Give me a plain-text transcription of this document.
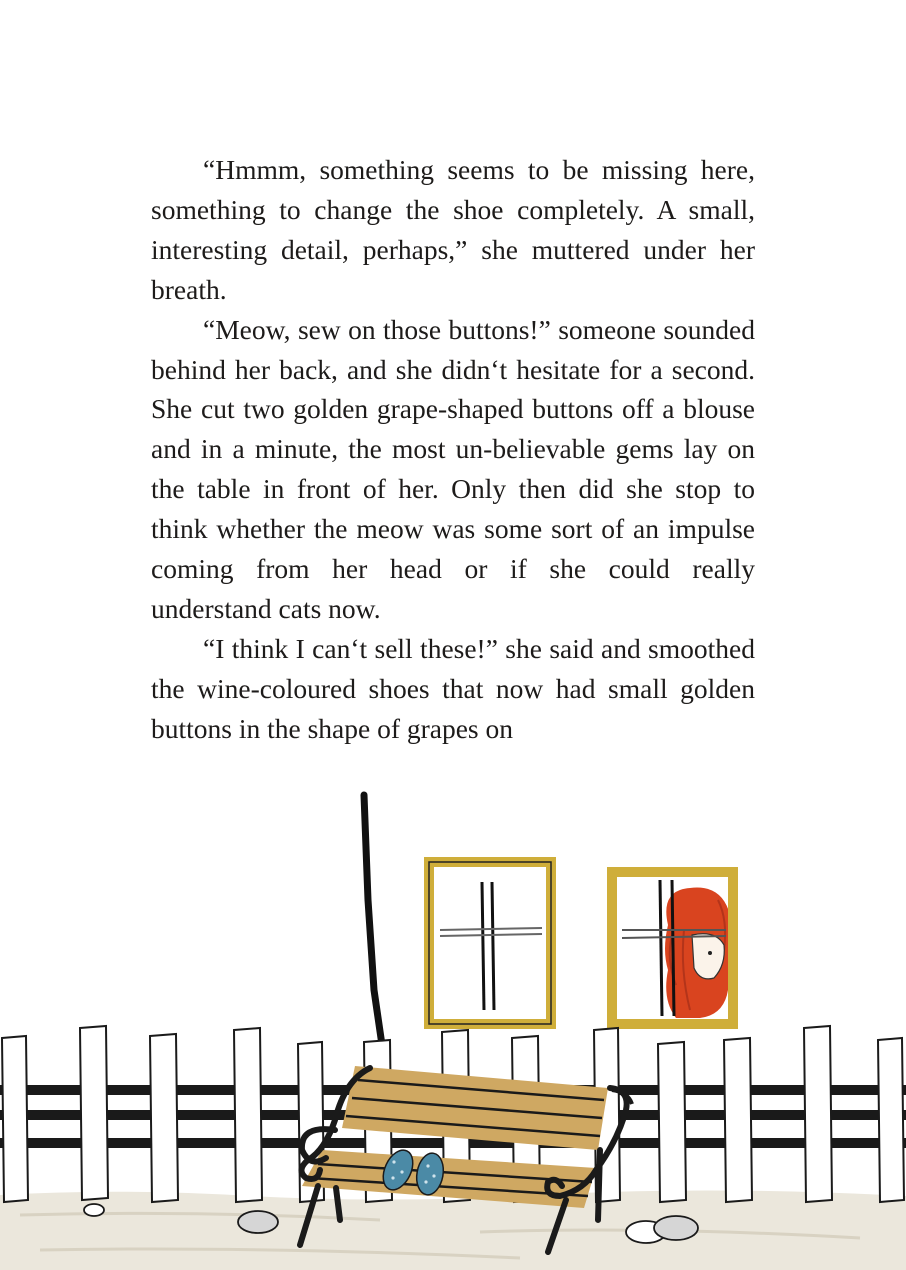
“Hmmm, something seems to be missing here, something to change the shoe completely. A small, interesting detail, perhaps,” she muttered under her breath.

“Meow, sew on those buttons!” someone sounded behind her back, and she didn‘t hesitate for a second. She cut two golden grape-shaped buttons off a blouse and in a minute, the most un-believable gems lay on the table in front of her. Only then did she stop to think whether the meow was some sort of an impulse coming from her head or if she could really understand cats now.

“I think I can‘t sell these!” she said and smoothed the wine-coloured shoes that now had small golden buttons in the shape of grapes on
